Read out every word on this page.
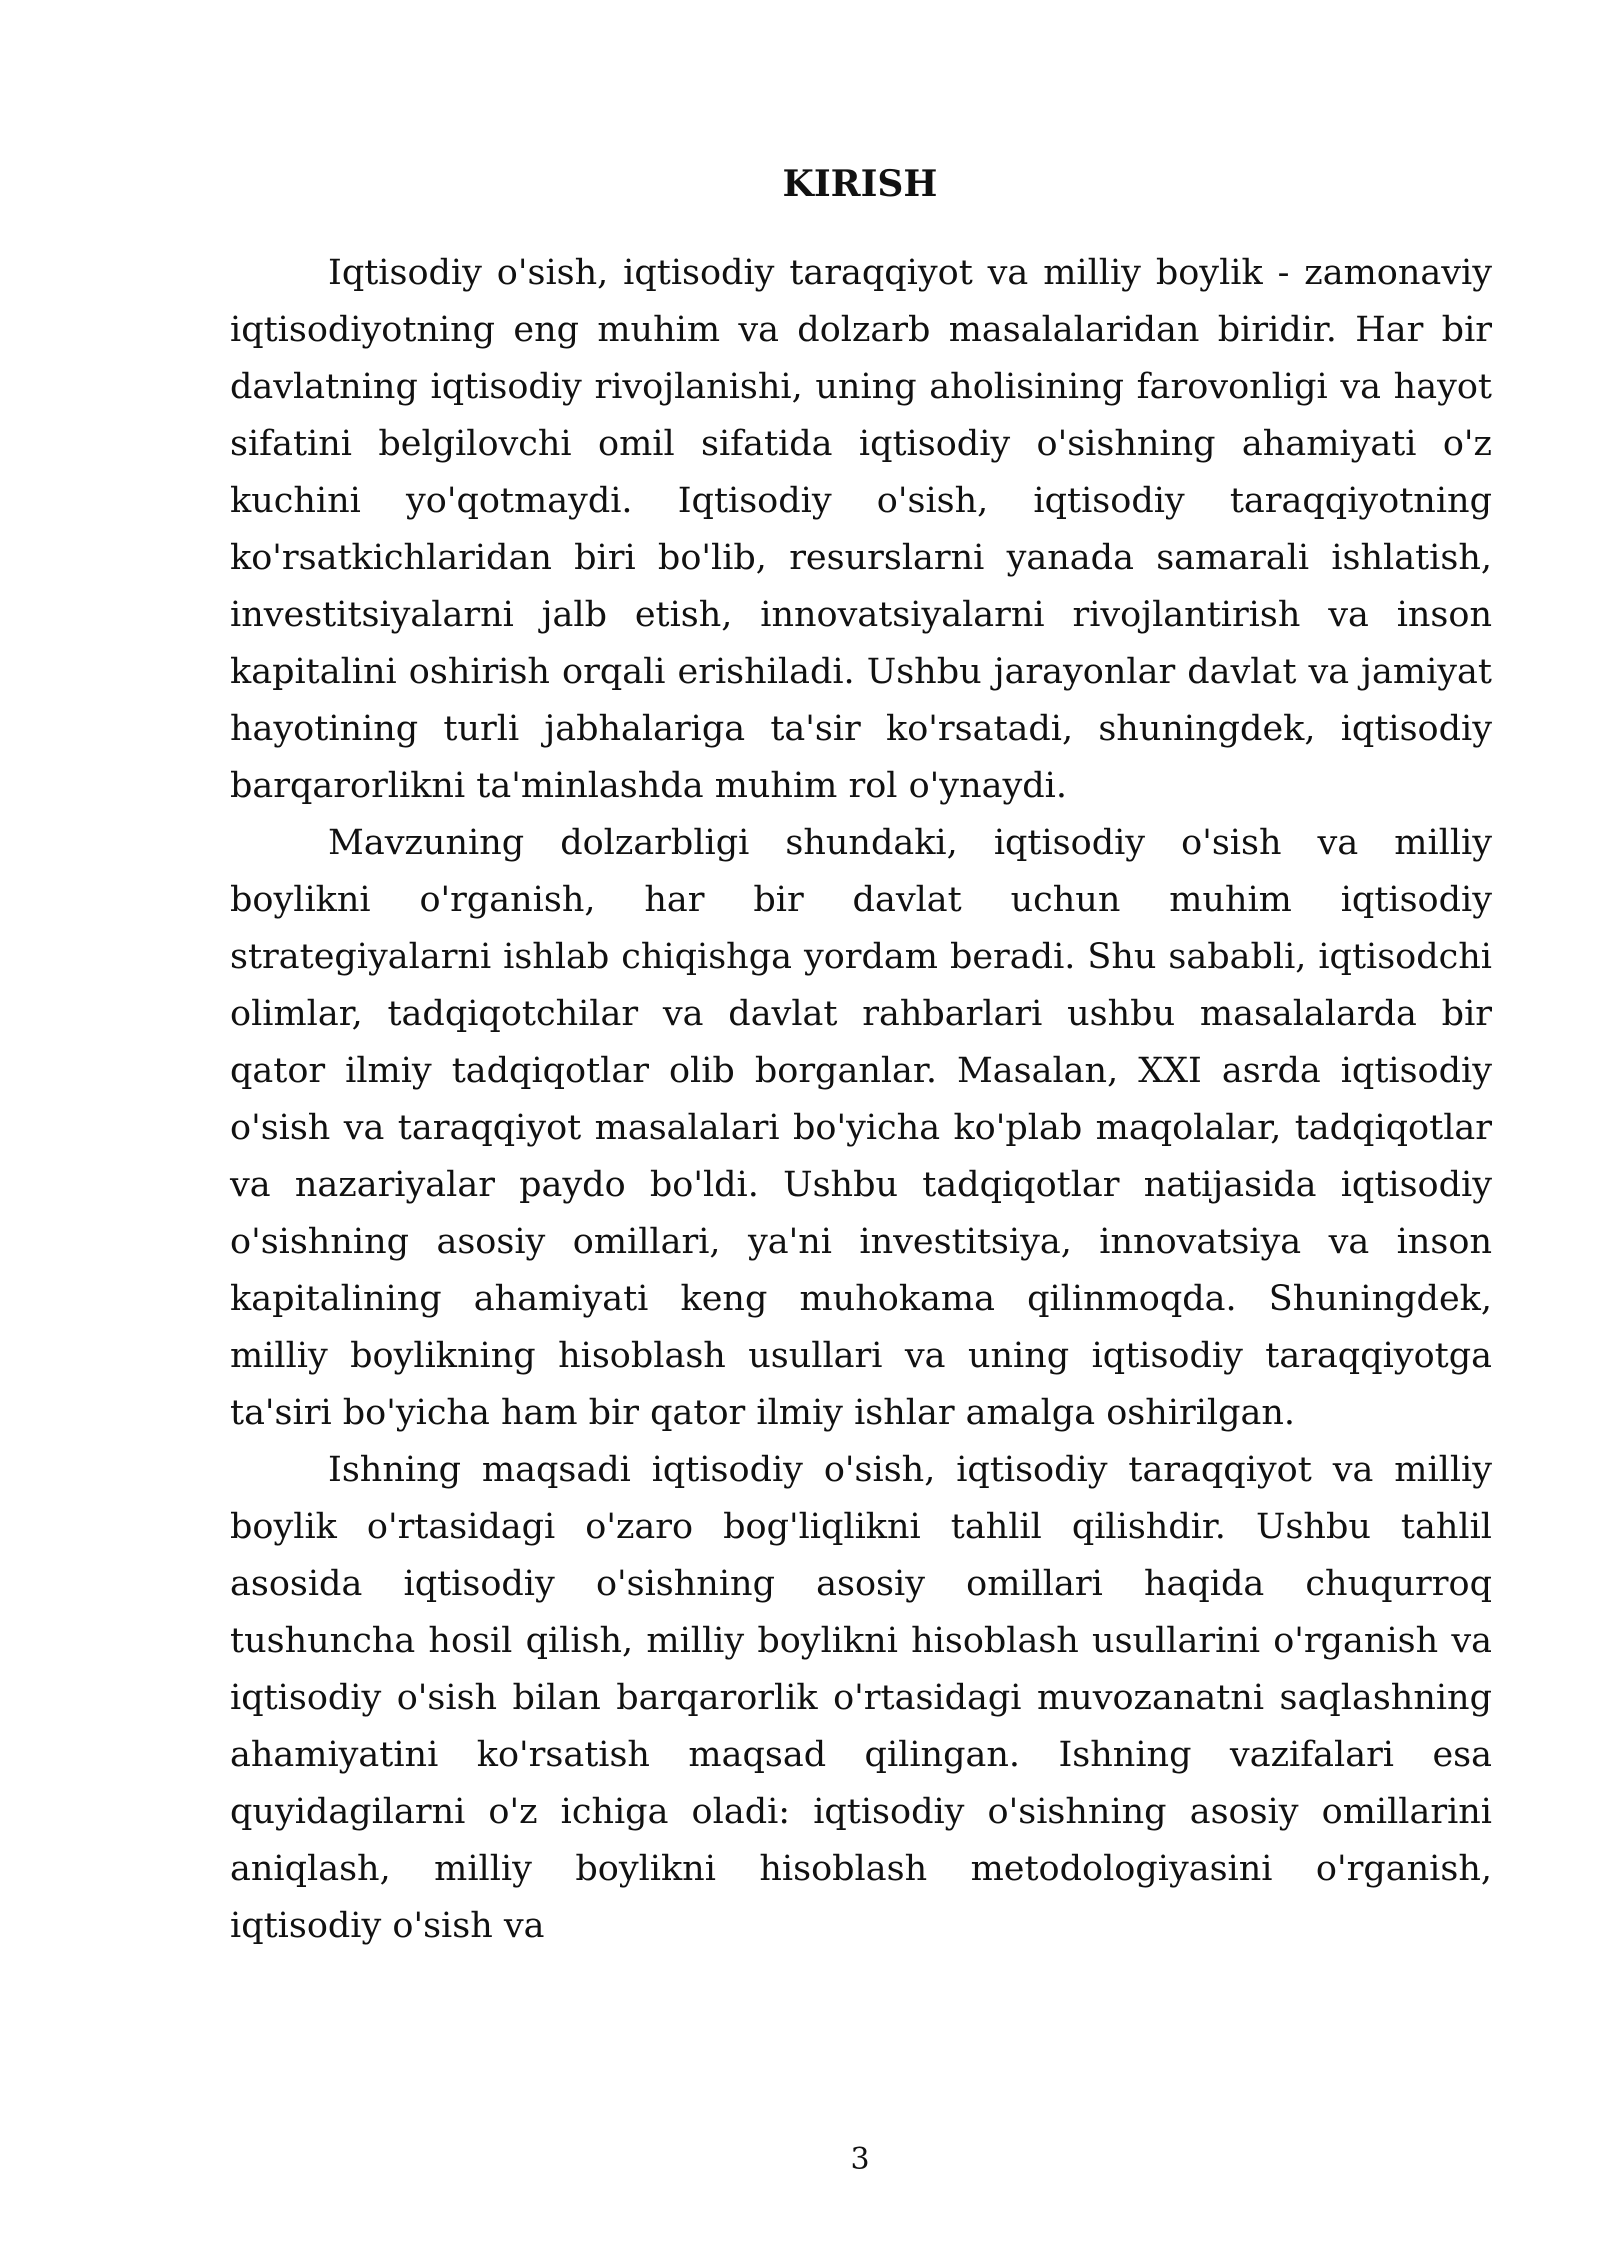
KIRISH

Iqtisodiy o'sish, iqtisodiy taraqqiyot va milliy boylik - zamonaviy iqtisodiyotning eng muhim va dolzarb masalalaridan biridir. Har bir davlatning iqtisodiy rivojlanishi, uning aholisining farovonligi va hayot sifatini belgilovchi omil sifatida iqtisodiy o'sishning ahamiyati o'z kuchini yo'qotmaydi. Iqtisodiy o'sish, iqtisodiy taraqqiyotning ko'rsatkichlaridan biri bo'lib, resurslarni yanada samarali ishlatish, investitsiyalarni jalb etish, innovatsiyalarni rivojlantirish va inson kapitalini oshirish orqali erishiladi. Ushbu jarayonlar davlat va jamiyat hayotining turli jabhalariga ta'sir ko'rsatadi, shuningdek, iqtisodiy barqarorlikni ta'minlashda muhim rol o'ynaydi.

Mavzuning dolzarbligi shundaki, iqtisodiy o'sish va milliy boylikni o'rganish, har bir davlat uchun muhim iqtisodiy strategiyalarni ishlab chiqishga yordam beradi. Shu sababli, iqtisodchi olimlar, tadqiqotchilar va davlat rahbarlari ushbu masalalarda bir qator ilmiy tadqiqotlar olib borganlar. Masalan, XXI asrda iqtisodiy o'sish va taraqqiyot masalalari bo'yicha ko'plab maqolalar, tadqiqotlar va nazariyalar paydo bo'ldi. Ushbu tadqiqotlar natijasida iqtisodiy o'sishning asosiy omillari, ya'ni investitsiya, innovatsiya va inson kapitalining ahamiyati keng muhokama qilinmoqda. Shuningdek, milliy boylikning hisoblash usullari va uning iqtisodiy taraqqiyotga ta'siri bo'yicha ham bir qator ilmiy ishlar amalga oshirilgan.

Ishning maqsadi iqtisodiy o'sish, iqtisodiy taraqqiyot va milliy boylik o'rtasidagi o'zaro bog'liqlikni tahlil qilishdir. Ushbu tahlil asosida iqtisodiy o'sishning asosiy omillari haqida chuqurroq tushuncha hosil qilish, milliy boylikni hisoblash usullarini o'rganish va iqtisodiy o'sish bilan barqarorlik o'rtasidagi muvozanatni saqlashning ahamiyatini ko'rsatish maqsad qilingan. Ishning vazifalari esa quyidagilarni o'z ichiga oladi: iqtisodiy o'sishning asosiy omillarini aniqlash, milliy boylikni hisoblash metodologiyasini o'rganish, iqtisodiy o'sish va

3
